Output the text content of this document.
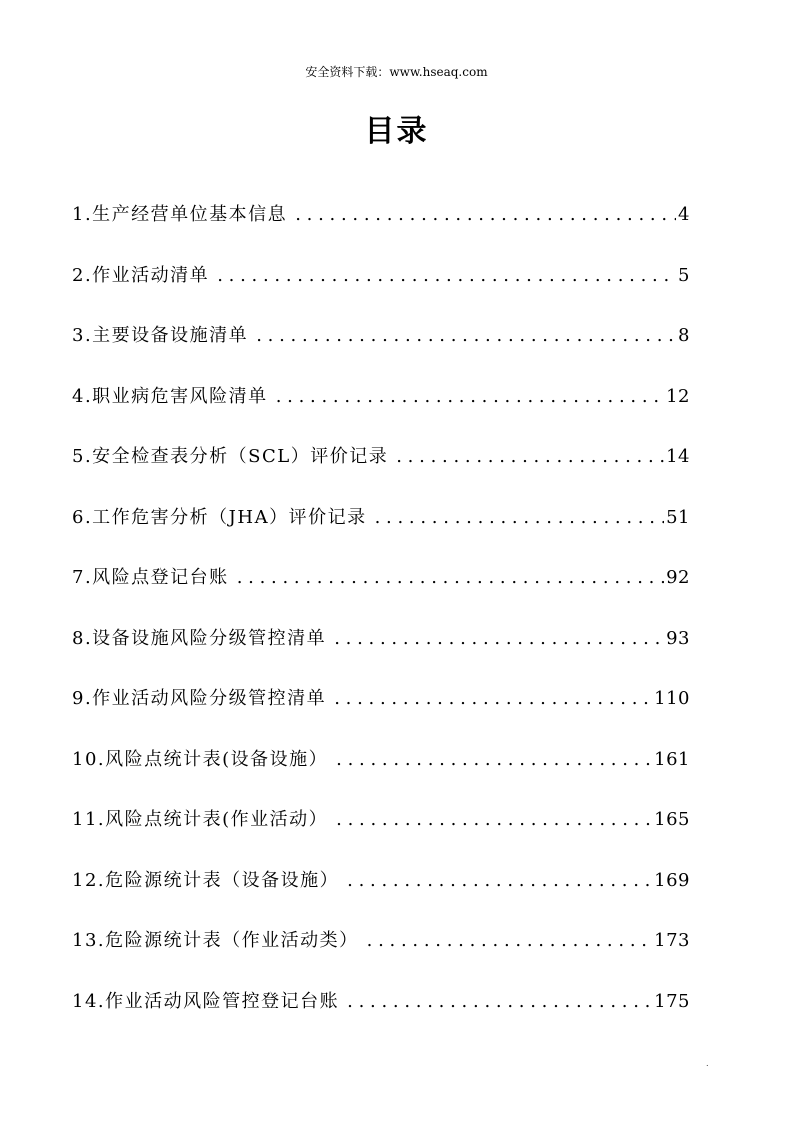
安全资料下载：www.hseaq.com
目录
1.生产经营单位基本信息 . . .	4
2.作业活动清单 . . .	5
3.主要设备设施清单 . . .	8
4.职业病危害风险清单 . . .	12
5.安全检查表分析（SCL）评价记录 . . .	14
6.工作危害分析（JHA）评价记录 . . .	51
7.风险点登记台账 . . .	92
8.设备设施风险分级管控清单 . . .	93
9.作业活动风险分级管控清单 . . .	110
10.风险点统计表(设备设施） . . .	161
11.风险点统计表(作业活动） . . .	165
12.危险源统计表（设备设施） . . .	169
13.危险源统计表（作业活动类） . . .	173
14.作业活动风险管控登记台账 . . .	175
.
